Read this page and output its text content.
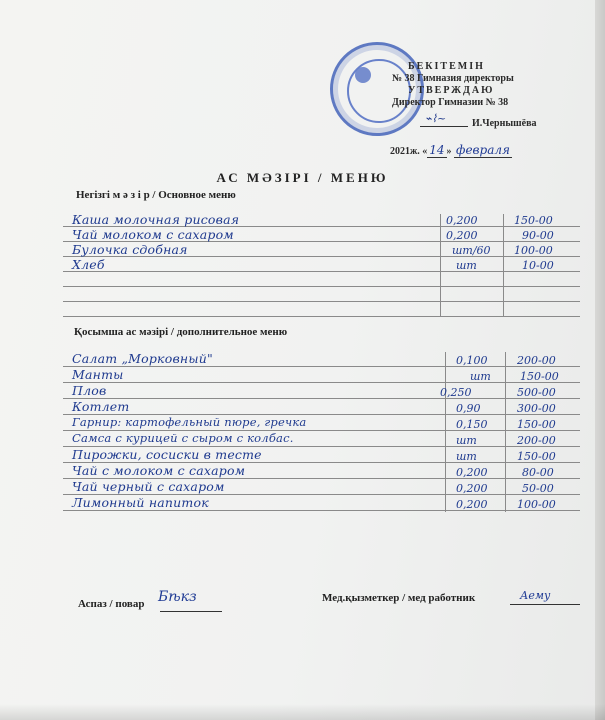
БЕКІТЕМІН
№ 38 Гимназия директоры
УТВЕРЖДАЮ
Директор Гимназии № 38
⌁⌇~	И.Чернышёва
2021ж. « 14 » февраля
АС МӘЗІРІ / МЕНЮ
Негізгі м ә з і р / Основное меню
Каша молочная рисовая	0,200	150-00
Чай молоком с сахаром	0,200	90-00
Булочка сдобная	шт/60 100-00
Хлеб	шт	10-00
Қосымша ас мәзірі / дополнительное меню
Салат „Морковный"	0,100	200-00
Манты	шт	150-00
Плов	0,250	500-00
Котлет	0,90	300-00
Гарнир: картофельный пюре, гречка	0,150	150-00
Самса с курицей с сыром с колбас.	шт	200-00
Пирожки, сосиски в тесте	шт	150-00
Чай с молоком с сахаром	0,200	80-00
Чай черный с сахаром	0,200	50-00
Лимонный напиток	0,200	100-00
Аспаз / повар Бѣкз	Мед.қызметкер / мед работник	Аему
